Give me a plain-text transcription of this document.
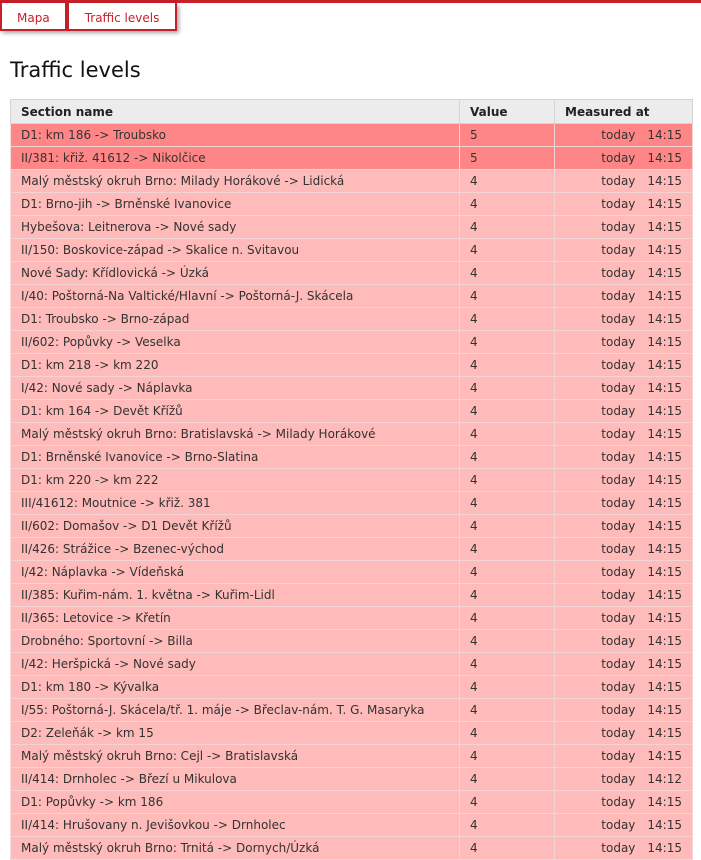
Mapa	Traffic levels
Traffic levels
Section name	Value	Measured at
D1: km 186 -> Troubsko	5	today 14:15
II/381: křiž. 41612 -> Nikolčice	5	today 14:15
Malý městský okruh Brno: Milady Horákové -> Lidická	4	today 14:15
D1: Brno-jih -> Brněnské Ivanovice	4	today 14:15
Hybešova: Leitnerova -> Nové sady	4	today 14:15
II/150: Boskovice-západ -> Skalice n. Svitavou	4	today 14:15
Nové Sady: Křídlovická -> Úzká	4	today 14:15
I/40: Poštorná-Na Valtické/Hlavní -> Poštorná-J. Skácela	4	today 14:15
D1: Troubsko -> Brno-západ	4	today 14:15
II/602: Popůvky -> Veselka	4	today 14:15
D1: km 218 -> km 220	4	today 14:15
I/42: Nové sady -> Náplavka	4	today 14:15
D1: km 164 -> Devět Křížů	4	today 14:15
Malý městský okruh Brno: Bratislavská -> Milady Horákové	4	today 14:15
D1: Brněnské Ivanovice -> Brno-Slatina	4	today 14:15
D1: km 220 -> km 222	4	today 14:15
III/41612: Moutnice -> křiž. 381	4	today 14:15
II/602: Domašov -> D1 Devět Křížů	4	today 14:15
II/426: Strážice -> Bzenec-východ	4	today 14:15
I/42: Náplavka -> Vídeňská	4	today 14:15
II/385: Kuřim-nám. 1. května -> Kuřim-Lidl	4	today 14:15
II/365: Letovice -> Křetín	4	today 14:15
Drobného: Sportovní -> Billa	4	today 14:15
I/42: Heršpická -> Nové sady	4	today 14:15
D1: km 180 -> Kývalka	4	today 14:15
I/55: Poštorná-J. Skácela/tř. 1. máje -> Břeclav-nám. T. G. Masaryka	4	today 14:15
D2: Zeleňák -> km 15	4	today 14:15
Malý městský okruh Brno: Cejl -> Bratislavská	4	today 14:15
II/414: Drnholec -> Březí u Mikulova	4	today 14:12
D1: Popůvky -> km 186	4	today 14:15
II/414: Hrušovany n. Jevišovkou -> Drnholec	4	today 14:15
Malý městský okruh Brno: Trnitá -> Dornych/Úzká	4	today 14:15
